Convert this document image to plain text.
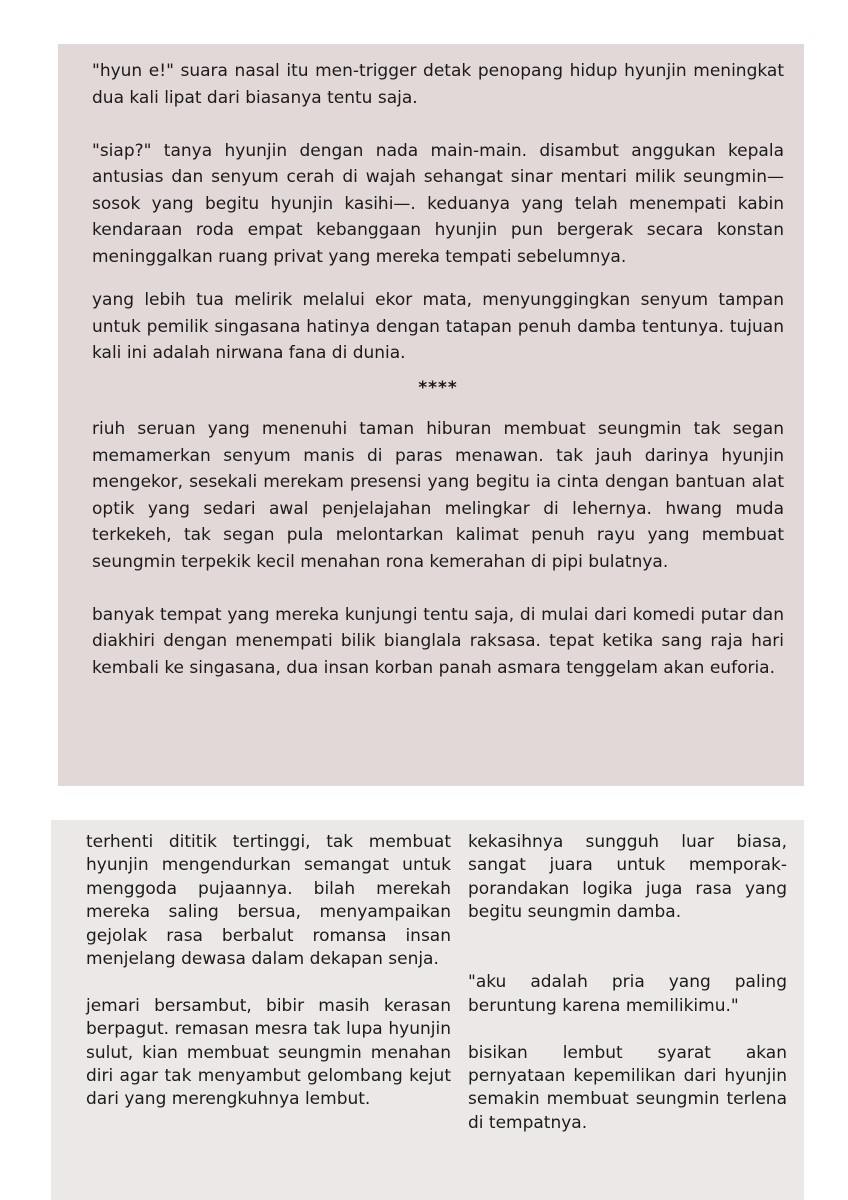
"hyun e!" suara nasal itu men-trigger detak penopang hidup hyunjin meningkat dua kali lipat dari biasanya tentu saja.

"siap?" tanya hyunjin dengan nada main-main. disambut anggukan kepala antusias dan senyum cerah di wajah sehangat sinar mentari milik seungmin—sosok yang begitu hyunjin kasihi—. keduanya yang telah menempati kabin kendaraan roda empat kebanggaan hyunjin pun bergerak secara konstan meninggalkan ruang privat yang mereka tempati sebelumnya.

yang lebih tua melirik melalui ekor mata, menyunggingkan senyum tampan untuk pemilik singasana hatinya dengan tatapan penuh damba tentunya. tujuan kali ini adalah nirwana fana di dunia.

****

riuh seruan yang menenuhi taman hiburan membuat seungmin tak segan memamerkan senyum manis di paras menawan. tak jauh darinya hyunjin mengekor, sesekali merekam presensi yang begitu ia cinta dengan bantuan alat optik yang sedari awal penjelajahan melingkar di lehernya. hwang muda terkekeh, tak segan pula melontarkan kalimat penuh rayu yang membuat seungmin terpekik kecil menahan rona kemerahan di pipi bulatnya.

banyak tempat yang mereka kunjungi tentu saja, di mulai dari komedi putar dan diakhiri dengan menempati bilik bianglala raksasa. tepat ketika sang raja hari kembali ke singasana, dua insan korban panah asmara tenggelam akan euforia.

terhenti dititik tertinggi, tak membuat hyunjin mengendurkan semangat untuk menggoda pujaannya. bilah merekah mereka saling bersua, menyampaikan gejolak rasa berbalut romansa insan menjelang dewasa dalam dekapan senja.

jemari bersambut, bibir masih kerasan berpagut. remasan mesra tak lupa hyunjin sulut, kian membuat seungmin menahan diri agar tak menyambut gelombang kejut dari yang merengkuhnya lembut.

kekasihnya sungguh luar biasa, sangat juara untuk memporak-porandakan logika juga rasa yang begitu seungmin damba.

"aku adalah pria yang paling beruntung karena memilikimu."

bisikan lembut syarat akan pernyataan kepemilikan dari hyunjin semakin membuat seungmin terlena di tempatnya.
